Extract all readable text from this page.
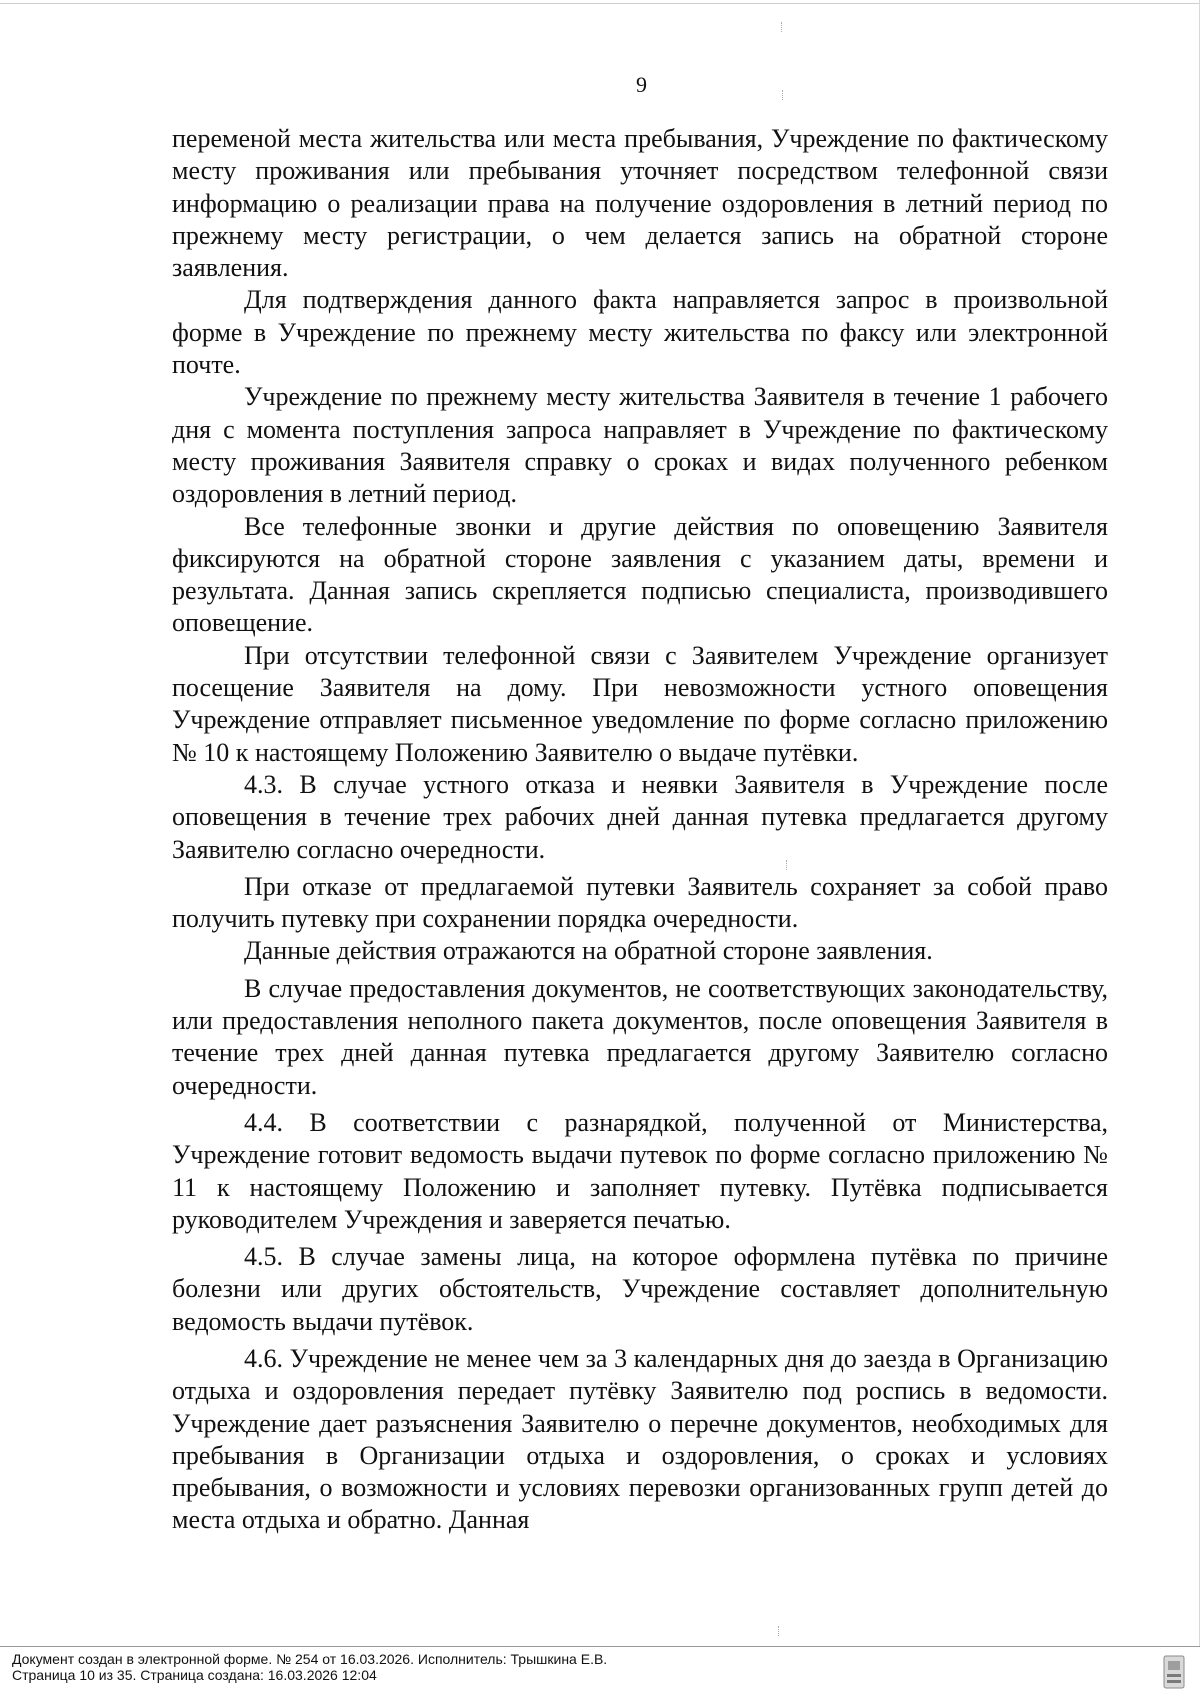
9

переменой места жительства или места пребывания, Учреждение по фактическому месту проживания или пребывания уточняет посредством телефонной связи информацию о реализации права на получение оздоровления в летний период по прежнему месту регистрации, о чем делается запись на обратной стороне заявления.

Для подтверждения данного факта направляется запрос в произвольной форме в Учреждение по прежнему месту жительства по факсу или электронной почте.

Учреждение по прежнему месту жительства Заявителя в течение 1 рабочего дня с момента поступления запроса направляет в Учреждение по фактическому месту проживания Заявителя справку о сроках и видах полученного ребенком оздоровления в летний период.

Все телефонные звонки и другие действия по оповещению Заявителя фиксируются на обратной стороне заявления с указанием даты, времени и результата. Данная запись скрепляется подписью специалиста, производившего оповещение.

При отсутствии телефонной связи с Заявителем Учреждение организует посещение Заявителя на дому. При невозможности устного оповещения Учреждение отправляет письменное уведомление по форме согласно приложению № 10 к настоящему Положению Заявителю о выдаче путёвки.

4.3. В случае устного отказа и неявки Заявителя в Учреждение после оповещения в течение трех рабочих дней данная путевка предлагается другому Заявителю согласно очередности.

При отказе от предлагаемой путевки Заявитель сохраняет за собой право получить путевку при сохранении порядка очередности.

Данные действия отражаются на обратной стороне заявления.

В случае предоставления документов, не соответствующих законодательству, или предоставления неполного пакета документов, после оповещения Заявителя в течение трех дней данная путевка предлагается другому Заявителю согласно очередности.

4.4. В соответствии с разнарядкой, полученной от Министерства, Учреждение готовит ведомость выдачи путевок по форме согласно приложению № 11 к настоящему Положению и заполняет путевку. Путёвка подписывается руководителем Учреждения и заверяется печатью.

4.5. В случае замены лица, на которое оформлена путёвка по причине болезни или других обстоятельств, Учреждение составляет дополнительную ведомость выдачи путёвок.

4.6. Учреждение не менее чем за 3 календарных дня до заезда в Организацию отдыха и оздоровления передает путёвку Заявителю под роспись в ведомости. Учреждение дает разъяснения Заявителю о перечне документов, необходимых для пребывания в Организации отдыха и оздоровления, о сроках и условиях пребывания, о возможности и условиях перевозки организованных групп детей до места отдыха и обратно. Данная

Документ создан в электронной форме. № 254 от 16.03.2026. Исполнитель: Трышкина Е.В.
Страница 10 из 35. Страница создана: 16.03.2026 12:04
